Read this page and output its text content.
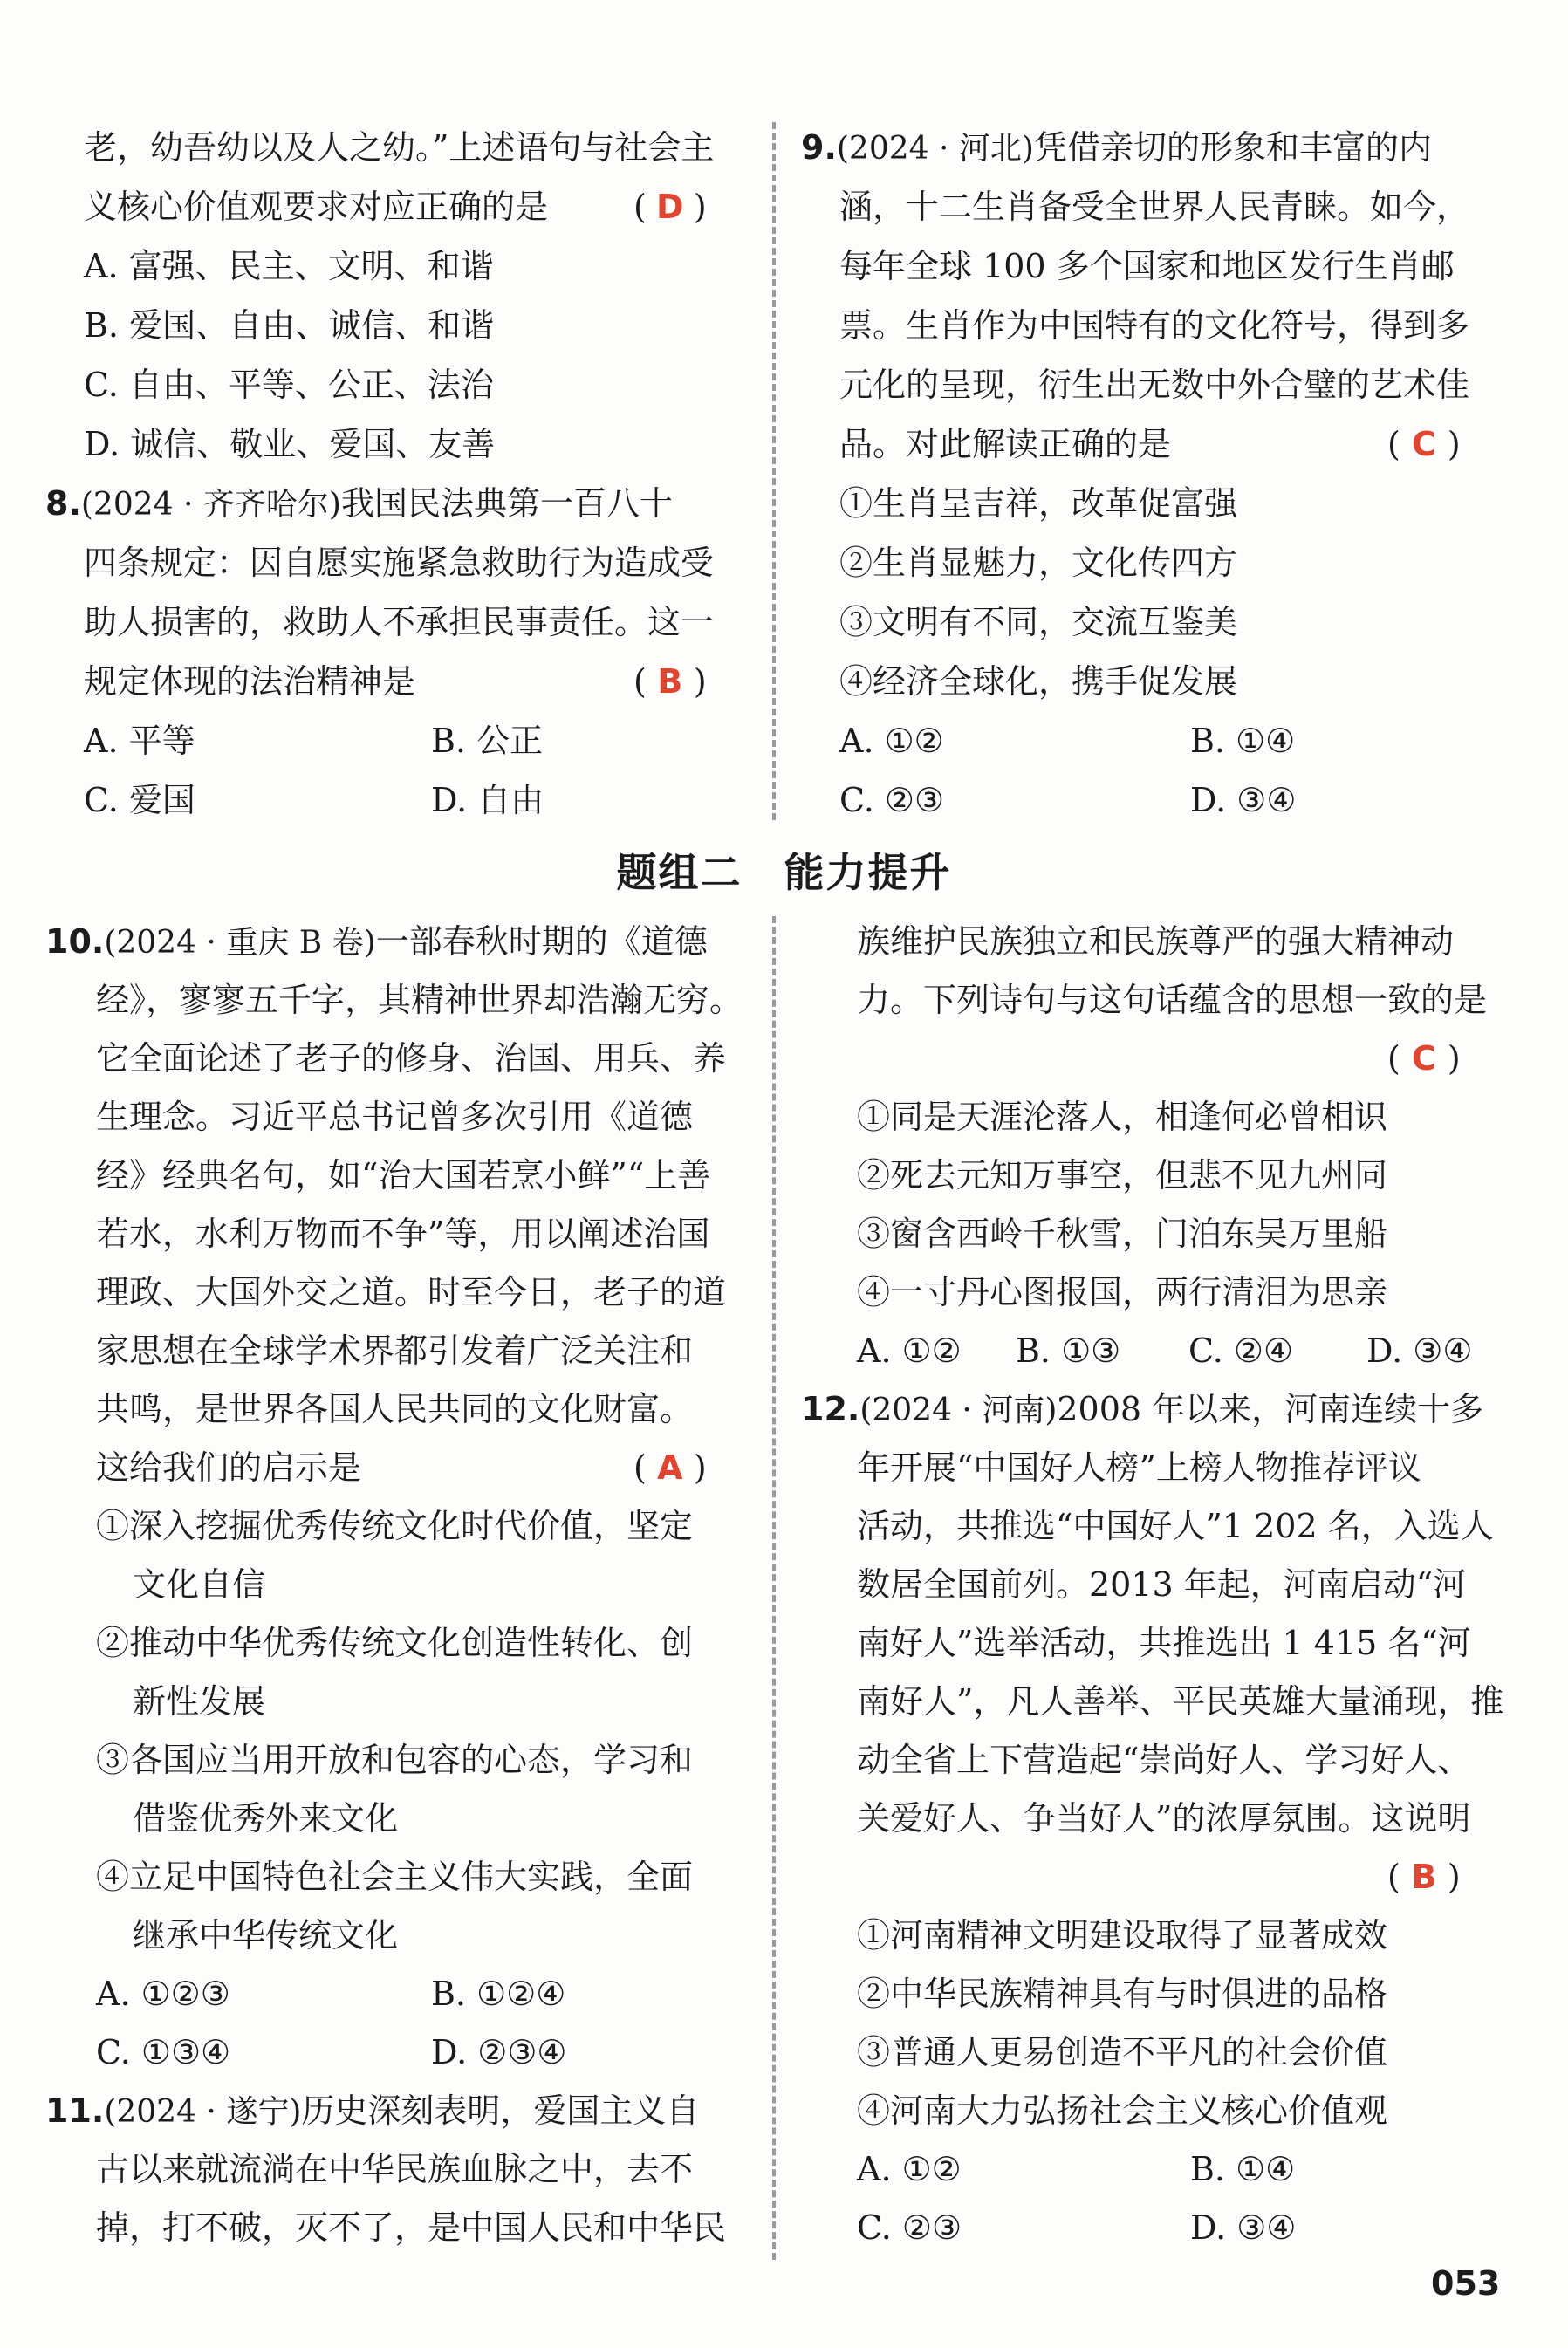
老，幼吾幼以及人之幼。”上述语句与社会主
义核心价值观要求对应正确的是	( D )
A. 富强、民主、文明、和谐
B. 爱国、自由、诚信、和谐
C. 自由、平等、公正、法治
D. 诚信、敬业、爱国、友善
8.(2024 · 齐齐哈尔)我国民法典第一百八十
四条规定：因自愿实施紧急救助行为造成受
助人损害的，救助人不承担民事责任。这一
规定体现的法治精神是	( B )
A. 平等	B. 公正
C. 爱国	D. 自由
9.(2024 · 河北)凭借亲切的形象和丰富的内
涵，十二生肖备受全世界人民青睐。如今，
每年全球 100 多个国家和地区发行生肖邮
票。生肖作为中国特有的文化符号，得到多
元化的呈现，衍生出无数中外合璧的艺术佳
品。对此解读正确的是	( C )
①生肖呈吉祥，改革促富强
②生肖显魅力，文化传四方
③文明有不同，交流互鉴美
④经济全球化，携手促发展
A. ①②	B. ①④
C. ②③	D. ③④
题组二　能力提升
10.(2024 · 重庆 B 卷)一部春秋时期的《道德
经》，寥寥五千字，其精神世界却浩瀚无穷。
它全面论述了老子的修身、治国、用兵、养
生理念。习近平总书记曾多次引用《道德
经》经典名句，如“治大国若烹小鲜”“上善
若水，水利万物而不争”等，用以阐述治国
理政、大国外交之道。时至今日，老子的道
家思想在全球学术界都引发着广泛关注和
共鸣，是世界各国人民共同的文化财富。
这给我们的启示是	( A )
①深入挖掘优秀传统文化时代价值，坚定
文化自信
②推动中华优秀传统文化创造性转化、创
新性发展
③各国应当用开放和包容的心态，学习和
借鉴优秀外来文化
④立足中国特色社会主义伟大实践，全面
继承中华传统文化
A. ①②③	B. ①②④
C. ①③④	D. ②③④
11.(2024 · 遂宁)历史深刻表明，爱国主义自
古以来就流淌在中华民族血脉之中，去不
掉，打不破，灭不了，是中国人民和中华民
族维护民族独立和民族尊严的强大精神动
力。下列诗句与这句话蕴含的思想一致的是
( C )
①同是天涯沦落人，相逢何必曾相识
②死去元知万事空，但悲不见九州同
③窗含西岭千秋雪，门泊东吴万里船
④一寸丹心图报国，两行清泪为思亲
A. ①② B. ①③ C. ②④ D. ③④
12.(2024 · 河南)2008 年以来，河南连续十多
年开展“中国好人榜”上榜人物推荐评议
活动，共推选“中国好人”1 202 名，入选人
数居全国前列。2013 年起，河南启动“河
南好人”选举活动，共推选出 1 415 名“河
南好人”，凡人善举、平民英雄大量涌现，推
动全省上下营造起“崇尚好人、学习好人、
关爱好人、争当好人”的浓厚氛围。这说明
( B )
①河南精神文明建设取得了显著成效
②中华民族精神具有与时俱进的品格
③普通人更易创造不平凡的社会价值
④河南大力弘扬社会主义核心价值观
A. ①②	B. ①④
C. ②③	D. ③④
053
